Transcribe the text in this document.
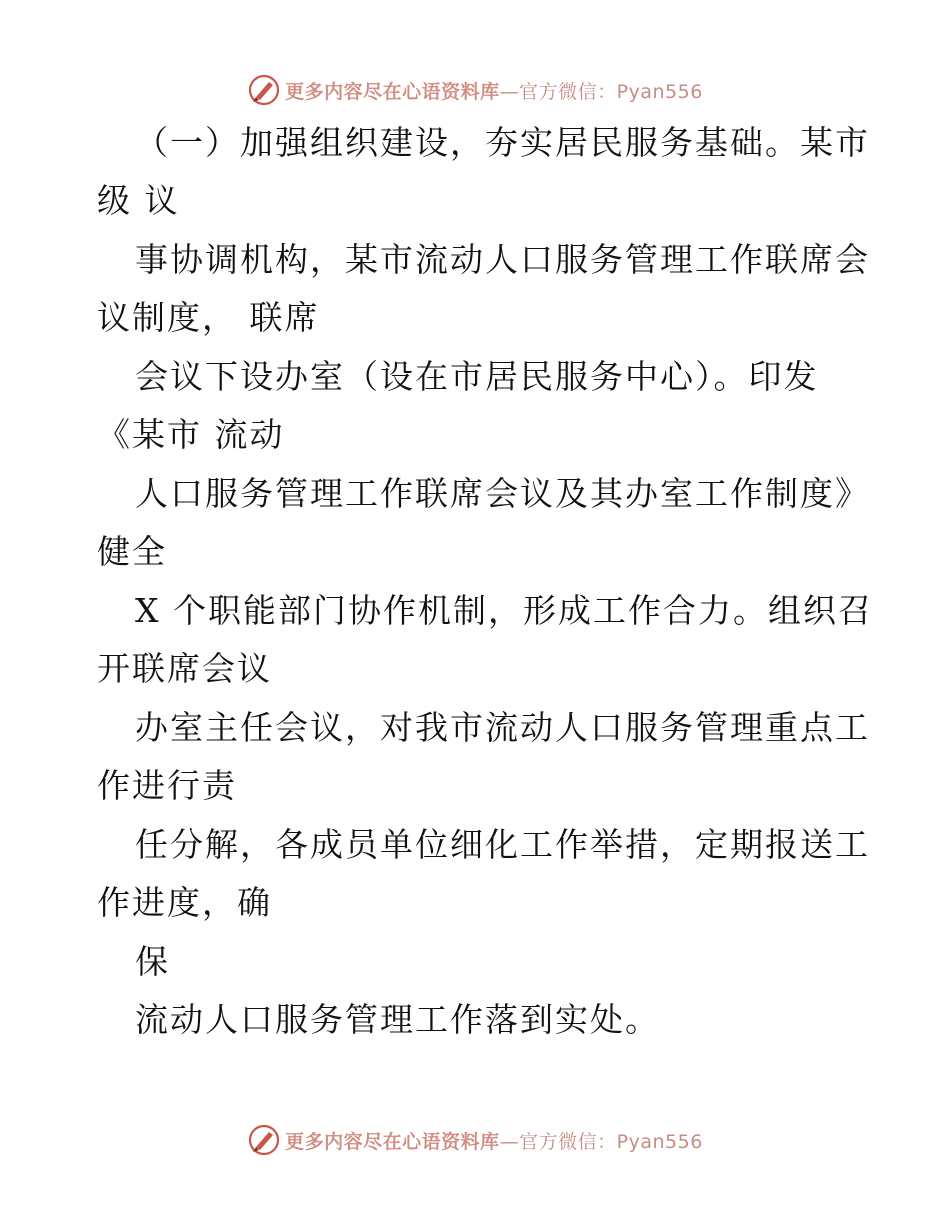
更多内容尽在心语资料库—官方微信：Pyan556
（一）加强组织建设，夯实居民服务基础。某市
级 议
事协调机构，某市流动人口服务管理工作联席会
议制度， 联席
会议下设办室（设在市居民服务中心）。印发
《某市 流动
人口服务管理工作联席会议及其办室工作制度》
健全
X 个职能部门协作机制，形成工作合力。组织召
开联席会议
办室主任会议，对我市流动人口服务管理重点工
作进行责
任分解，各成员单位细化工作举措，定期报送工
作进度，确
保
流动人口服务管理工作落到实处。
更多内容尽在心语资料库—官方微信：Pyan556
